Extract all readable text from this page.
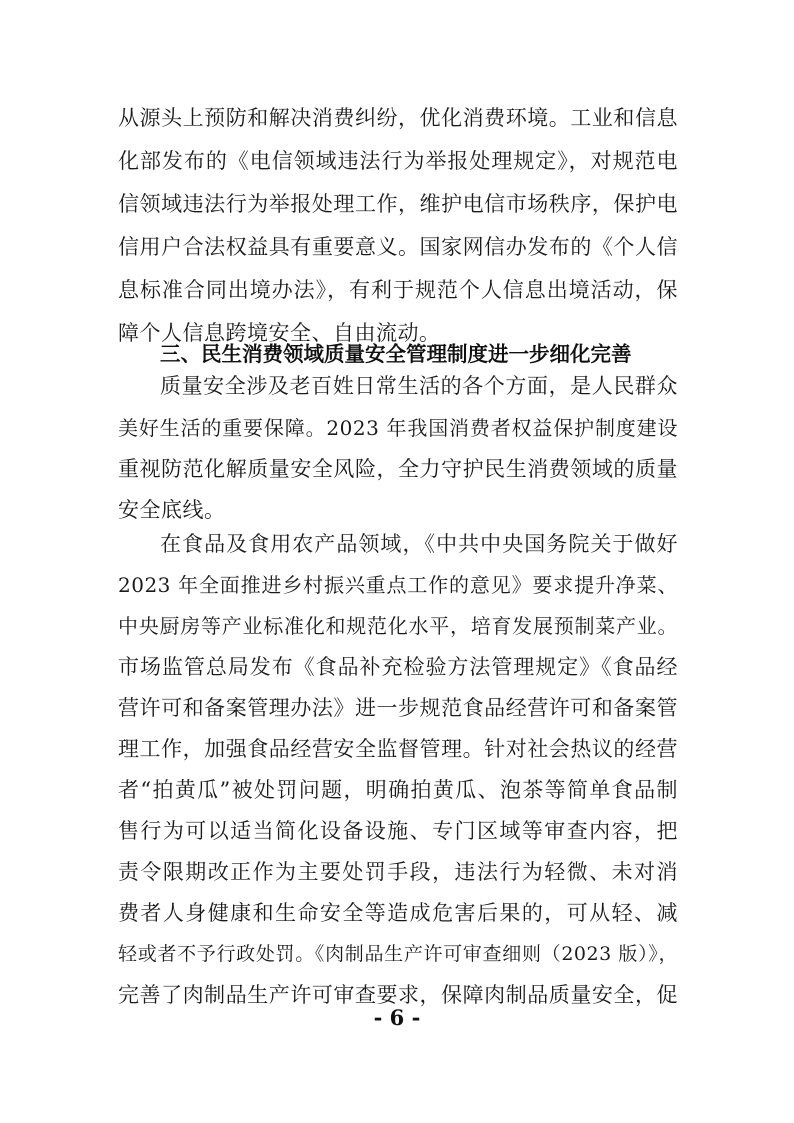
从源头上预防和解决消费纠纷，优化消费环境。工业和信息
化部发布的《电信领域违法行为举报处理规定》，对规范电
信领域违法行为举报处理工作，维护电信市场秩序，保护电
信用户合法权益具有重要意义。国家网信办发布的《个人信
息标准合同出境办法》，有利于规范个人信息出境活动，保
障个人信息跨境安全、自由流动。
三、民生消费领域质量安全管理制度进一步细化完善
质量安全涉及老百姓日常生活的各个方面，是人民群众
美好生活的重要保障。2023 年我国消费者权益保护制度建设
重视防范化解质量安全风险，全力守护民生消费领域的质量
安全底线。
在食品及食用农产品领域，《中共中央国务院关于做好
2023 年全面推进乡村振兴重点工作的意见》要求提升净菜、
中央厨房等产业标准化和规范化水平，培育发展预制菜产业。
市场监管总局发布《食品补充检验方法管理规定》《食品经
营许可和备案管理办法》进一步规范食品经营许可和备案管
理工作，加强食品经营安全监督管理。针对社会热议的经营
者“拍黄瓜”被处罚问题，明确拍黄瓜、泡茶等简单食品制
售行为可以适当简化设备设施、专门区域等审查内容，把
责令限期改正作为主要处罚手段，违法行为轻微、未对消
费者人身健康和生命安全等造成危害后果的，可从轻、减
轻或者不予行政处罚。《肉制品生产许可审查细则（2023 版）》，
完善了肉制品生产许可审查要求，保障肉制品质量安全，促
- 6 -
